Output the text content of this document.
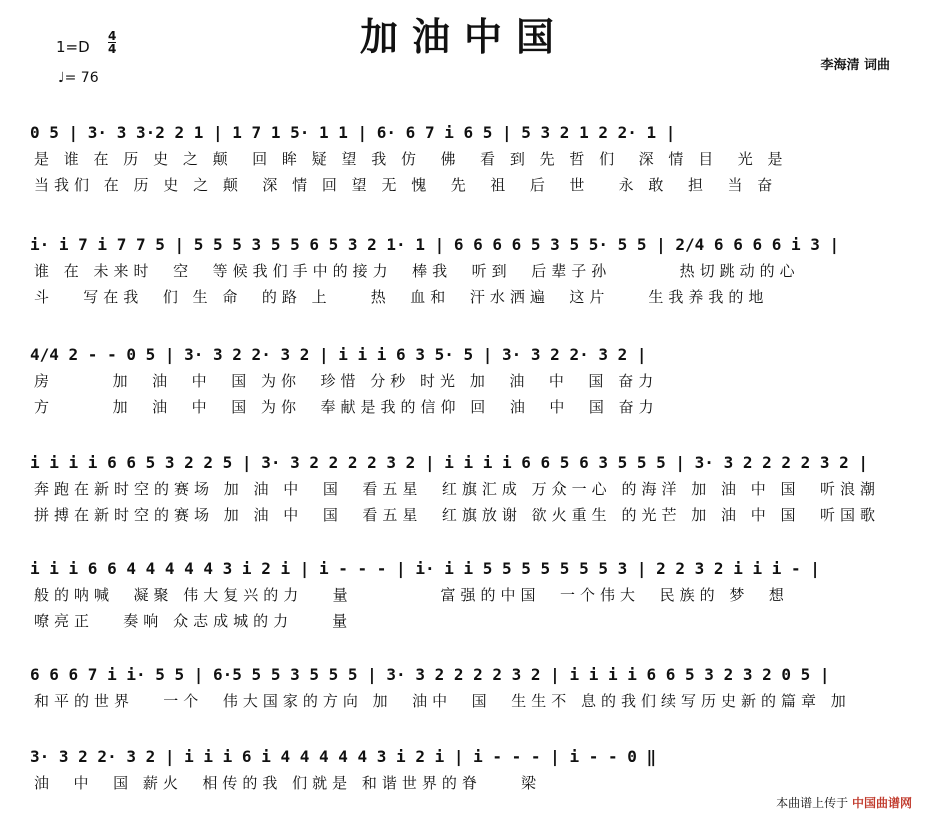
加油中国
1=D
4
4
♩= 76
李海清 词曲
0 5 | 3· 3 3·2 2 1 | 1 7 1 5· 1 1 | 6· 6 7 i 6 5 | 5 3 2 1 2 2· 1 |
是 谁 在 历 史 之 颠  回 眸 疑 望 我 仿  佛  看 到 先 哲 们  深 情 目  光 是
当我们 在 历 史 之 颠  深 情 回 望 无 愧  先  祖  后  世   永 敢  担  当 奋
i· i 7 i 7 7 5 | 5 5 5 3 5 5 6 5 3 2 1· 1 | 6 6 6 6 5 3 5 5· 5 5 | 2/4 6 6 6 6 i 3 |
谁 在 未来时  空  等候我们手中的接力  棒我  听到  后辈子孙       热切跳动的心
斗   写在我  们 生 命  的路 上    热  血和  汗水洒遍  这片    生我养我的地
4/4 2 - - 0 5 | 3· 3 2 2· 3 2 | i i i 6 3 5· 5 | 3· 3 2 2· 3 2 |
房      加  油  中  国 为你  珍惜 分秒 时光 加  油  中  国 奋力
方      加  油  中  国 为你  奉献是我的信仰 回  油  中  国 奋力
i i i i 6 6 5 3 2 2 5 | 3· 3 2 2 2 2 3 2 | i i i i 6 6 5 6 3 5 5 5 | 3· 3 2 2 2 2 3 2 |
奔跑在新时空的赛场 加 油 中  国  看五星  红旗汇成 万众一心 的海洋 加 油 中 国  听浪潮
拼搏在新时空的赛场 加 油 中  国  看五星  红旗放谢 欲火重生 的光芒 加 油 中 国  听国歌
i i i 6 6 4 4 4 4 4 3 i 2 i | i - - - | i· i i 5 5 5 5 5 5 5 3 | 2 2 3 2 i i i - |
般的呐喊  凝聚 伟大复兴的力   量         富强的中国  一个伟大  民族的 梦  想
嘹亮正   奏响 众志成城的力    量
6 6 6 7 i i· 5 5 | 6·5 5 5 3 5 5 5 | 3· 3 2 2 2 2 3 2 | i i i i 6 6 5 3 2 3 2 0 5 |
和平的世界   一个  伟大国家的方向 加  油中  国  生生不 息的我们续写历史新的篇章 加
3· 3 2 2· 3 2 | i i i 6 i 4 4 4 4 4 3 i 2 i | i - - - | i - - 0 ‖
油  中  国 薪火  相传的我 们就是 和谐世界的脊    梁
本曲谱上传于 中国曲谱网
